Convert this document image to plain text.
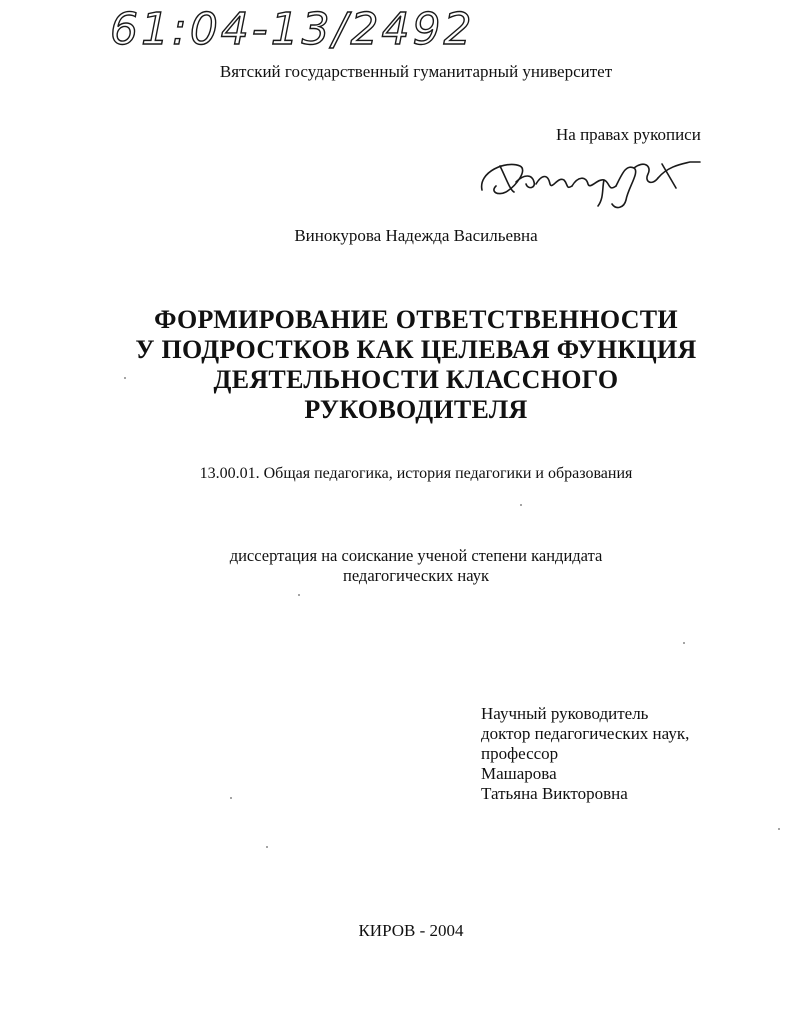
61:04-13/2492
Вятский государственный гуманитарный университет
На правах рукописи
Винокурова Надежда Васильевна
ФОРМИРОВАНИЕ ОТВЕТСТВЕННОСТИ
У ПОДРОСТКОВ КАК ЦЕЛЕВАЯ ФУНКЦИЯ
ДЕЯТЕЛЬНОСТИ КЛАССНОГО
РУКОВОДИТЕЛЯ
13.00.01. Общая педагогика, история педагогики и образования
диссертация на соискание ученой степени кандидата
педагогических наук
Научный руководитель
доктор педагогических наук,
профессор
Машарова
Татьяна Викторовна
КИРОВ - 2004
